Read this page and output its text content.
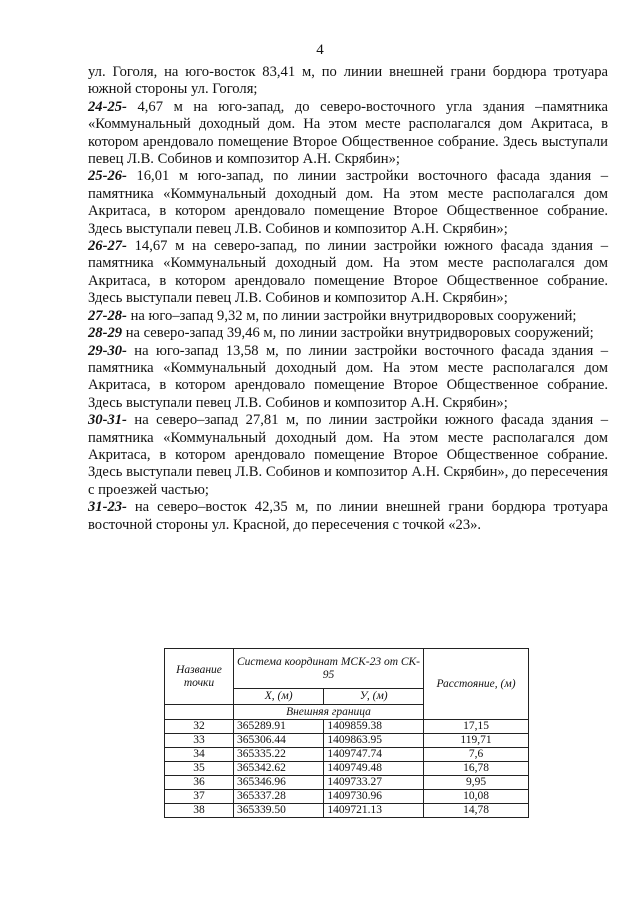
4

ул. Гоголя, на юго-восток 83,41 м, по линии внешней грани бордюра тротуара южной стороны ул. Гоголя;

24-25- 4,67 м на юго-запад, до северо-восточного угла здания –памятника «Коммунальный доходный дом. На этом месте располагался дом Акритаса, в котором арендовало помещение Второе Общественное собрание. Здесь выступали певец Л.В. Собинов и композитор А.Н. Скрябин»;

25-26- 16,01 м юго-запад, по линии застройки восточного фасада здания – памятника «Коммунальный доходный дом. На этом месте располагался дом Акритаса, в котором арендовало помещение Второе Общественное собрание. Здесь выступали певец Л.В. Собинов и композитор А.Н. Скрябин»;

26-27- 14,67 м на северо-запад, по линии застройки южного фасада здания – памятника «Коммунальный доходный дом. На этом месте располагался дом Акритаса, в котором арендовало помещение Второе Общественное собрание. Здесь выступали певец Л.В. Собинов и композитор А.Н. Скрябин»;

27-28- на юго–запад 9,32 м, по линии застройки внутридворовых сооружений;

28-29 на северо-запад 39,46 м, по линии застройки внутридворовых сооружений;

29-30- на юго-запад 13,58 м, по линии застройки восточного фасада здания – памятника «Коммунальный доходный дом. На этом месте располагался дом Акритаса, в котором арендовало помещение Второе Общественное собрание. Здесь выступали певец Л.В. Собинов и композитор А.Н. Скрябин»;

30-31- на северо–запад 27,81 м, по линии застройки южного фасада здания – памятника «Коммунальный доходный дом. На этом месте располагался дом Акритаса, в котором арендовало помещение Второе Общественное собрание. Здесь выступали певец Л.В. Собинов и композитор А.Н. Скрябин», до пересечения с проезжей частью;

31-23- на северо–восток 42,35 м, по линии внешней грани бордюра тротуара восточной стороны ул. Красной, до пересечения с точкой «23».

Название точки	Система координат МСК-23 от СК- 95		Расстояние, (м)
	X, (м)	У, (м)	
	Внешняя граница		
32	365289.91	1409859.38	17,15
33	365306.44	1409863.95	119,71
34	365335.22	1409747.74	7,6
35	365342.62	1409749.48	16,78
36	365346.96	1409733.27	9,95
37	365337.28	1409730.96	10,08
38	365339.50	1409721.13	14,78
